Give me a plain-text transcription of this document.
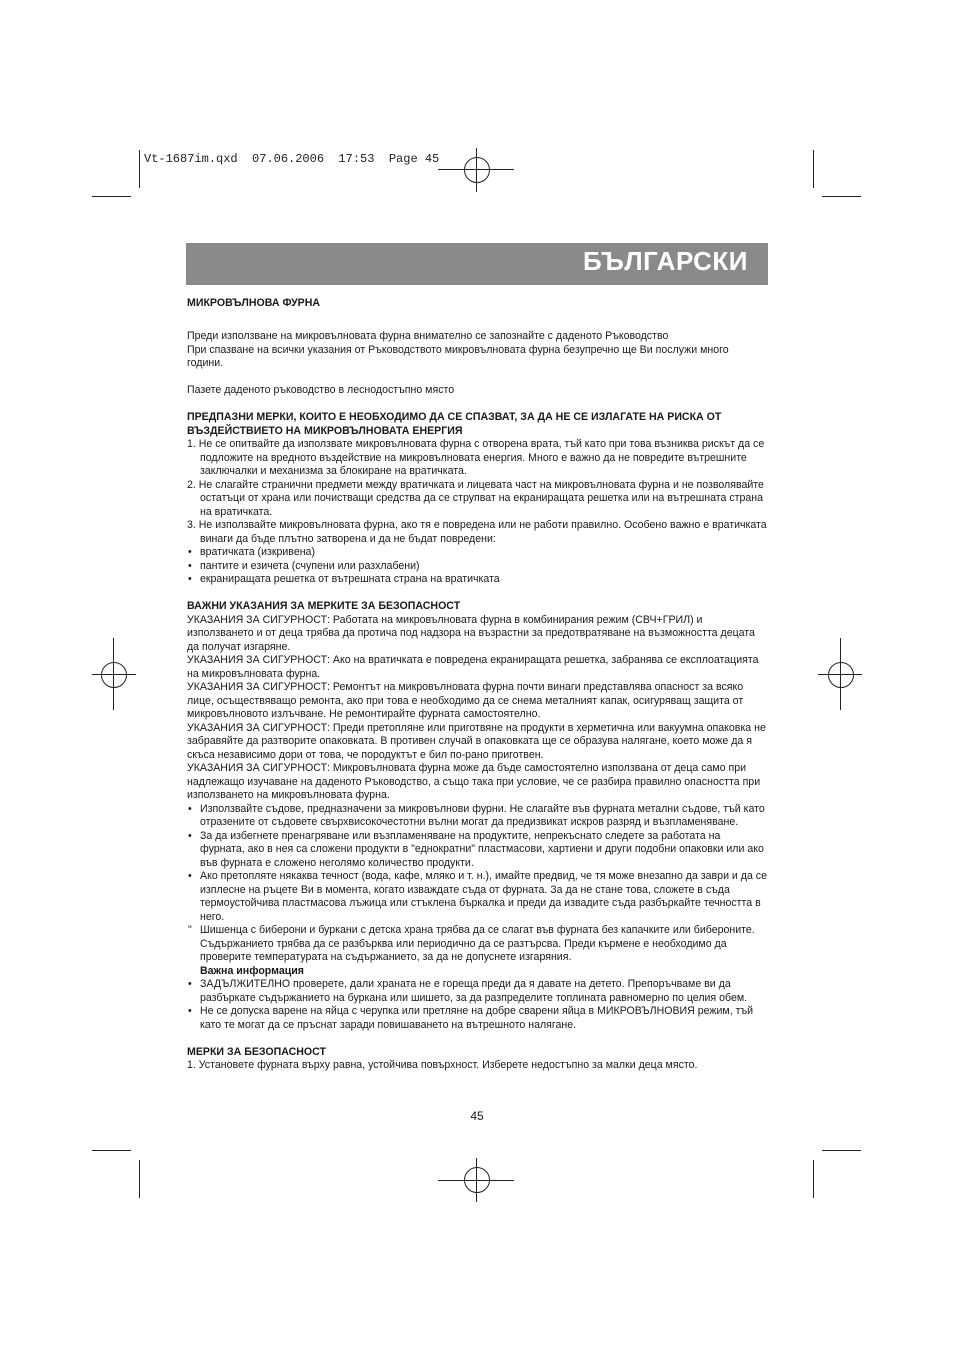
Vt-1687im.qxd  07.06.2006  17:53  Page 45
БЪЛГАРСКИ

МИКРОВЪЛНОВА ФУРНА

Преди използване на микровълновата фурна внимателно се запознайте с даденото Ръководство

При спазване на всички указания от Ръководството микровълновата фурна безупречно ще Ви послужи много години.

Пазете даденото ръководство в леснодостъпно място

ПРЕДПАЗНИ МЕРКИ, КОИТО Е НЕОБХОДИМО ДА СЕ СПАЗВАТ, ЗА ДА НЕ СЕ ИЗЛАГАТЕ НА РИСКА ОТ ВЪЗДЕЙСТВИЕТО НА МИКРОВЪЛНОВАТА ЕНЕРГИЯ

1. Не се опитвайте да използвате микровълновата фурна с отворена врата, тъй като при това възниква рискът да се подложите на вредното въздействие на микровълновата енергия. Много е важно да не повредите вътрешните заключалки и механизма за блокиране на вратичката.

2. Не слагайте странични предмети между вратичката и лицевата част на микровълновата фурна и не позволявайте остатъци от храна или почистващи средства да се струпват на екраниращата решетка или на вътрешната страна на вратичката.

3. Не използвайте микровълновата фурна, ако тя е повредена или не работи правилно. Особено важно е вратичката винаги да бъде плътно затворена и да не бъдат повредени:

• вратичката (изкривена)
• пантите и езичета (счупени или разхлабени)
• екраниращата решетка от вътрешната страна на вратичката

ВАЖНИ УКАЗАНИЯ ЗА МЕРКИТЕ ЗА БЕЗОПАСНОСТ

УКАЗАНИЯ ЗА СИГУРНОСТ: Работата на микровълновата фурна в комбинирания режим (СВЧ+ГРИЛ) и използването и от деца трябва да протича под надзора на възрастни за предотвратяване на възможността децата да получат изгаряне.

УКАЗАНИЯ ЗА СИГУРНОСТ: Ако на вратичката е повредена екраниращата решетка, забранява се експлоатацията на микровълновата фурна.

УКАЗАНИЯ ЗА СИГУРНОСТ: Ремонтът на микровълновата фурна почти винаги представлява опасност за всяко лице, осъществяващо ремонта, ако при това е необходимо да се снема металният капак, осигуряващ защита от микровълновото излъчване. Не ремонтирайте фурната самостоятелно.

УКАЗАНИЯ ЗА СИГУРНОСТ: Преди претопляне или приготвяне на продукти в херметична или вакуумна опаковка не забравяйте да разтворите опаковката. В противен случай в опаковката ще се образува налягане, което може да я скъса независимо дори от това, че породуктът е бил по-рано приготвен.

УКАЗАНИЯ ЗА СИГУРНОСТ: Микровълновата фурна може да бъде самостоятелно използвана от деца само при надлежащо изучаване на даденото Ръководство, а също така при условие, че се разбира правилно опасността при използването на микровълновата фурна.

• Използвайте съдове, предназначени за микровълнови фурни. Не слагайте във фурната метални съдове, тъй като отразените от съдовете свърхвисокочестотни вълни могат да предизвикат искров разряд и възпламеняване.
• За да избегнете пренагряване или възпламеняване на продуктите, непрекъснато следете за работата на фурната, ако в нея са сложени продукти в "еднократни" пластмасови, хартиени и други подобни опаковки или ако във фурната е сложено неголямо количество продукти.
• Ако претопляте някаква течност (вода, кафе, мляко и т. н.), имайте предвид, че тя може внезапно да заври и да се изплесне на ръцете Ви в момента, когато изваждате съда от фурната. За да не стане това, сложете в съда термоустойчива пластмасова лъжица или стъклена бъркалка и преди да извадите съда разбъркайте течността в него.
" Шишенца с биберони и буркани с детска храна трябва да се слагат във фурната без капачките или бибероните. Съдържанието трябва да се разбърква или периодично да се разтърсва. Преди кърмене е необходимо да проверите температурата на съдържанието, за да не допуснете изгаряния.

Важна информация

• ЗАДЪЛЖИТЕЛНО проверете, дали храната не е гореща преди да я давате на детето. Препоръчваме ви да разбъркате съдържанието на буркана или шишето, за да разпределите топлината равномерно по целия обем.
• Не се допуска варене на яйца с черупка или претляне на добре сварени яйца в МИКРОВЪЛНОВИЯ режим, тъй като те могат да се пръснат заради повишаването на вътрешното налягане.

МЕРКИ ЗА БЕЗОПАСНОСТ

1. Установете фурната върху равна, устойчива повърхност. Изберете недостъпно за малки деца място.

45
